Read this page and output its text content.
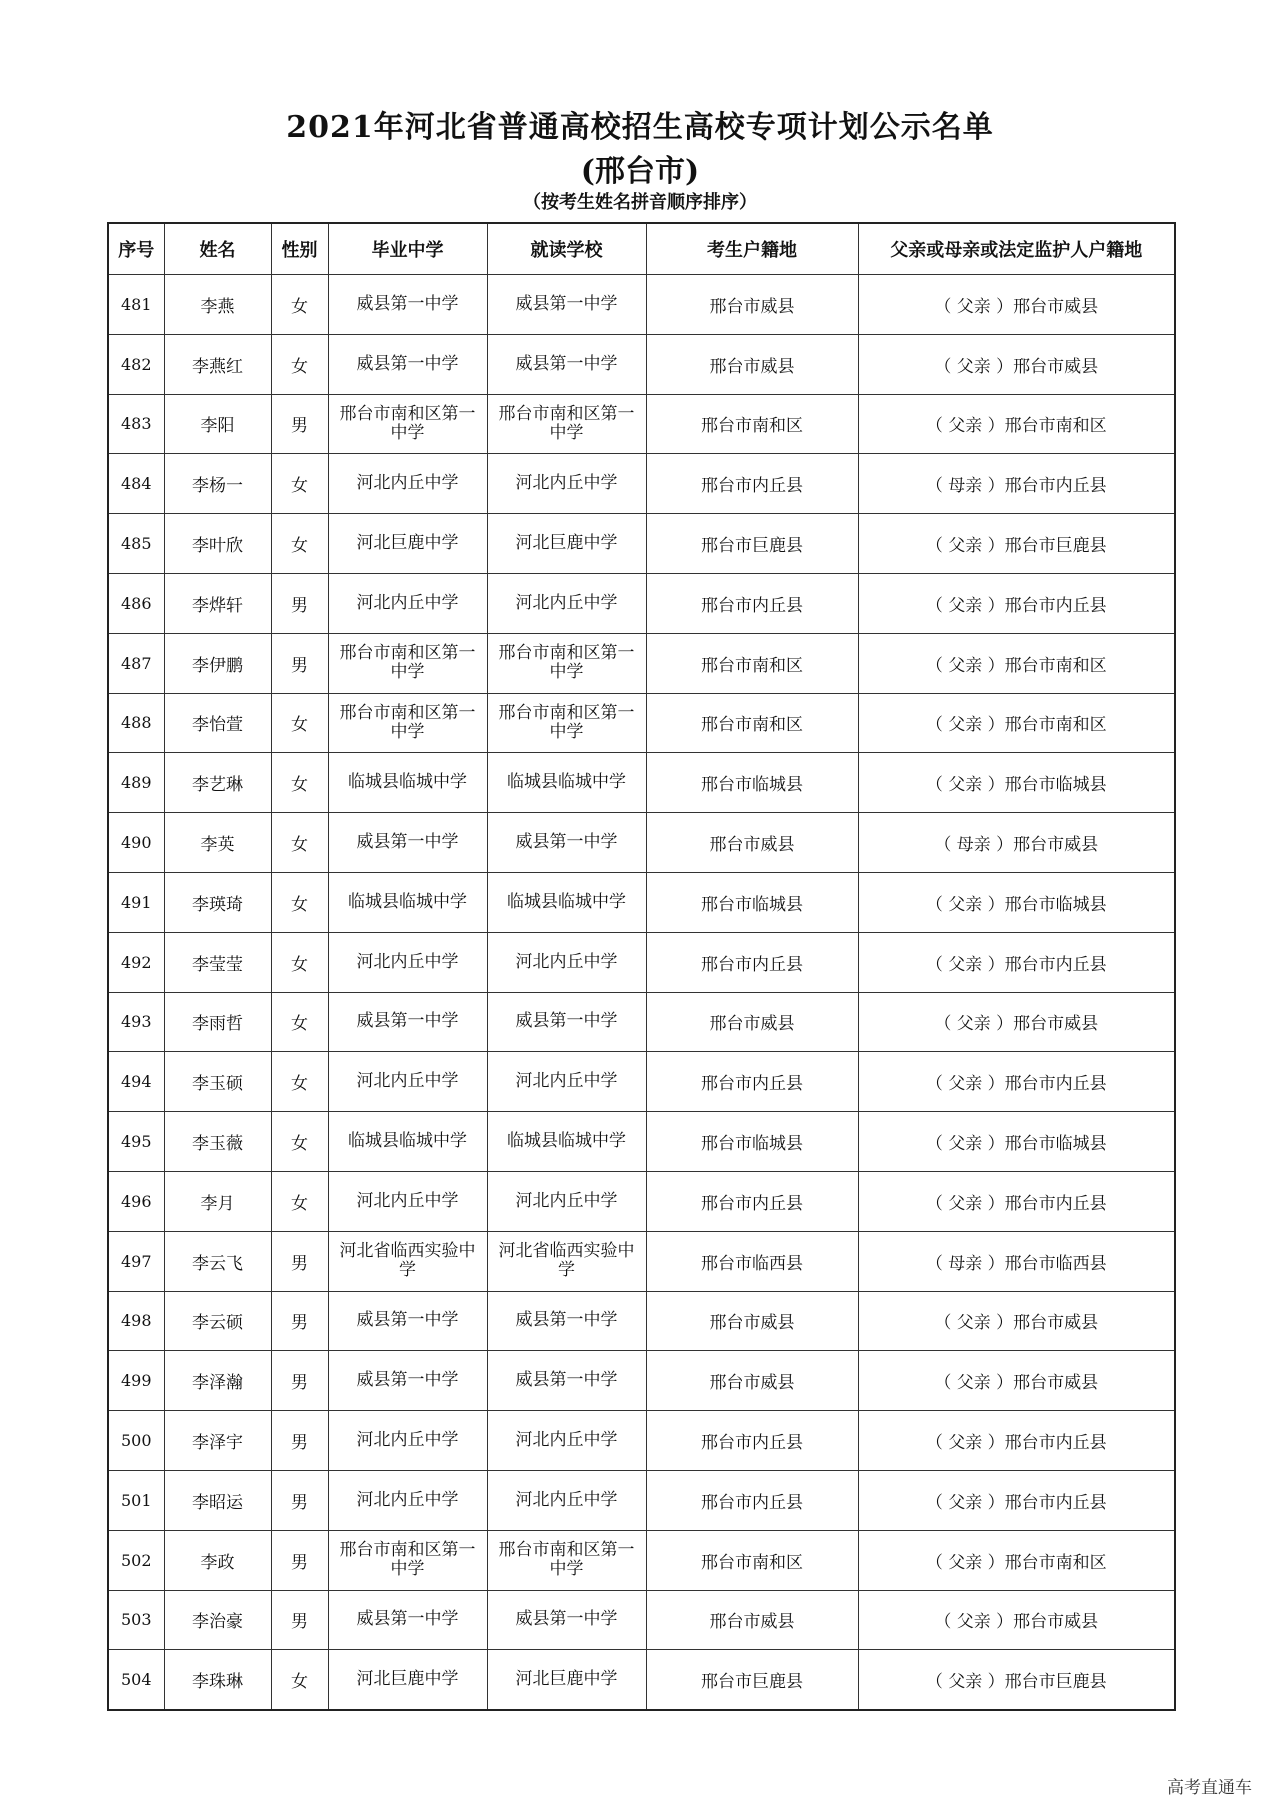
2021年河北省普通高校招生高校专项计划公示名单
(邢台市)
（按考生姓名拼音顺序排序）
序号	姓名	性别	毕业中学	就读学校	考生户籍地	父亲或母亲或法定监护人户籍地
481	李燕	女	威县第一中学	威县第一中学	邢台市威县	（ 父亲 ）邢台市威县
482	李燕红	女	威县第一中学	威县第一中学	邢台市威县	（ 父亲 ）邢台市威县
483	李阳	男	邢台市南和区第一中学	邢台市南和区第一中学	邢台市南和区	（ 父亲 ）邢台市南和区
484	李杨一	女	河北内丘中学	河北内丘中学	邢台市内丘县	（ 母亲 ）邢台市内丘县
485	李叶欣	女	河北巨鹿中学	河北巨鹿中学	邢台市巨鹿县	（ 父亲 ）邢台市巨鹿县
486	李烨轩	男	河北内丘中学	河北内丘中学	邢台市内丘县	（ 父亲 ）邢台市内丘县
487	李伊鹏	男	邢台市南和区第一中学	邢台市南和区第一中学	邢台市南和区	（ 父亲 ）邢台市南和区
488	李怡萱	女	邢台市南和区第一中学	邢台市南和区第一中学	邢台市南和区	（ 父亲 ）邢台市南和区
489	李艺琳	女	临城县临城中学	临城县临城中学	邢台市临城县	（ 父亲 ）邢台市临城县
490	李英	女	威县第一中学	威县第一中学	邢台市威县	（ 母亲 ）邢台市威县
491	李瑛琦	女	临城县临城中学	临城县临城中学	邢台市临城县	（ 父亲 ）邢台市临城县
492	李莹莹	女	河北内丘中学	河北内丘中学	邢台市内丘县	（ 父亲 ）邢台市内丘县
493	李雨哲	女	威县第一中学	威县第一中学	邢台市威县	（ 父亲 ）邢台市威县
494	李玉硕	女	河北内丘中学	河北内丘中学	邢台市内丘县	（ 父亲 ）邢台市内丘县
495	李玉薇	女	临城县临城中学	临城县临城中学	邢台市临城县	（ 父亲 ）邢台市临城县
496	李月	女	河北内丘中学	河北内丘中学	邢台市内丘县	（ 父亲 ）邢台市内丘县
497	李云飞	男	河北省临西实验中学	河北省临西实验中学	邢台市临西县	（ 母亲 ）邢台市临西县
498	李云硕	男	威县第一中学	威县第一中学	邢台市威县	（ 父亲 ）邢台市威县
499	李泽瀚	男	威县第一中学	威县第一中学	邢台市威县	（ 父亲 ）邢台市威县
500	李泽宇	男	河北内丘中学	河北内丘中学	邢台市内丘县	（ 父亲 ）邢台市内丘县
501	李昭运	男	河北内丘中学	河北内丘中学	邢台市内丘县	（ 父亲 ）邢台市内丘县
502	李政	男	邢台市南和区第一中学	邢台市南和区第一中学	邢台市南和区	（ 父亲 ）邢台市南和区
503	李治豪	男	威县第一中学	威县第一中学	邢台市威县	（ 父亲 ）邢台市威县
504	李珠琳	女	河北巨鹿中学	河北巨鹿中学	邢台市巨鹿县	（ 父亲 ）邢台市巨鹿县
高考直通车
